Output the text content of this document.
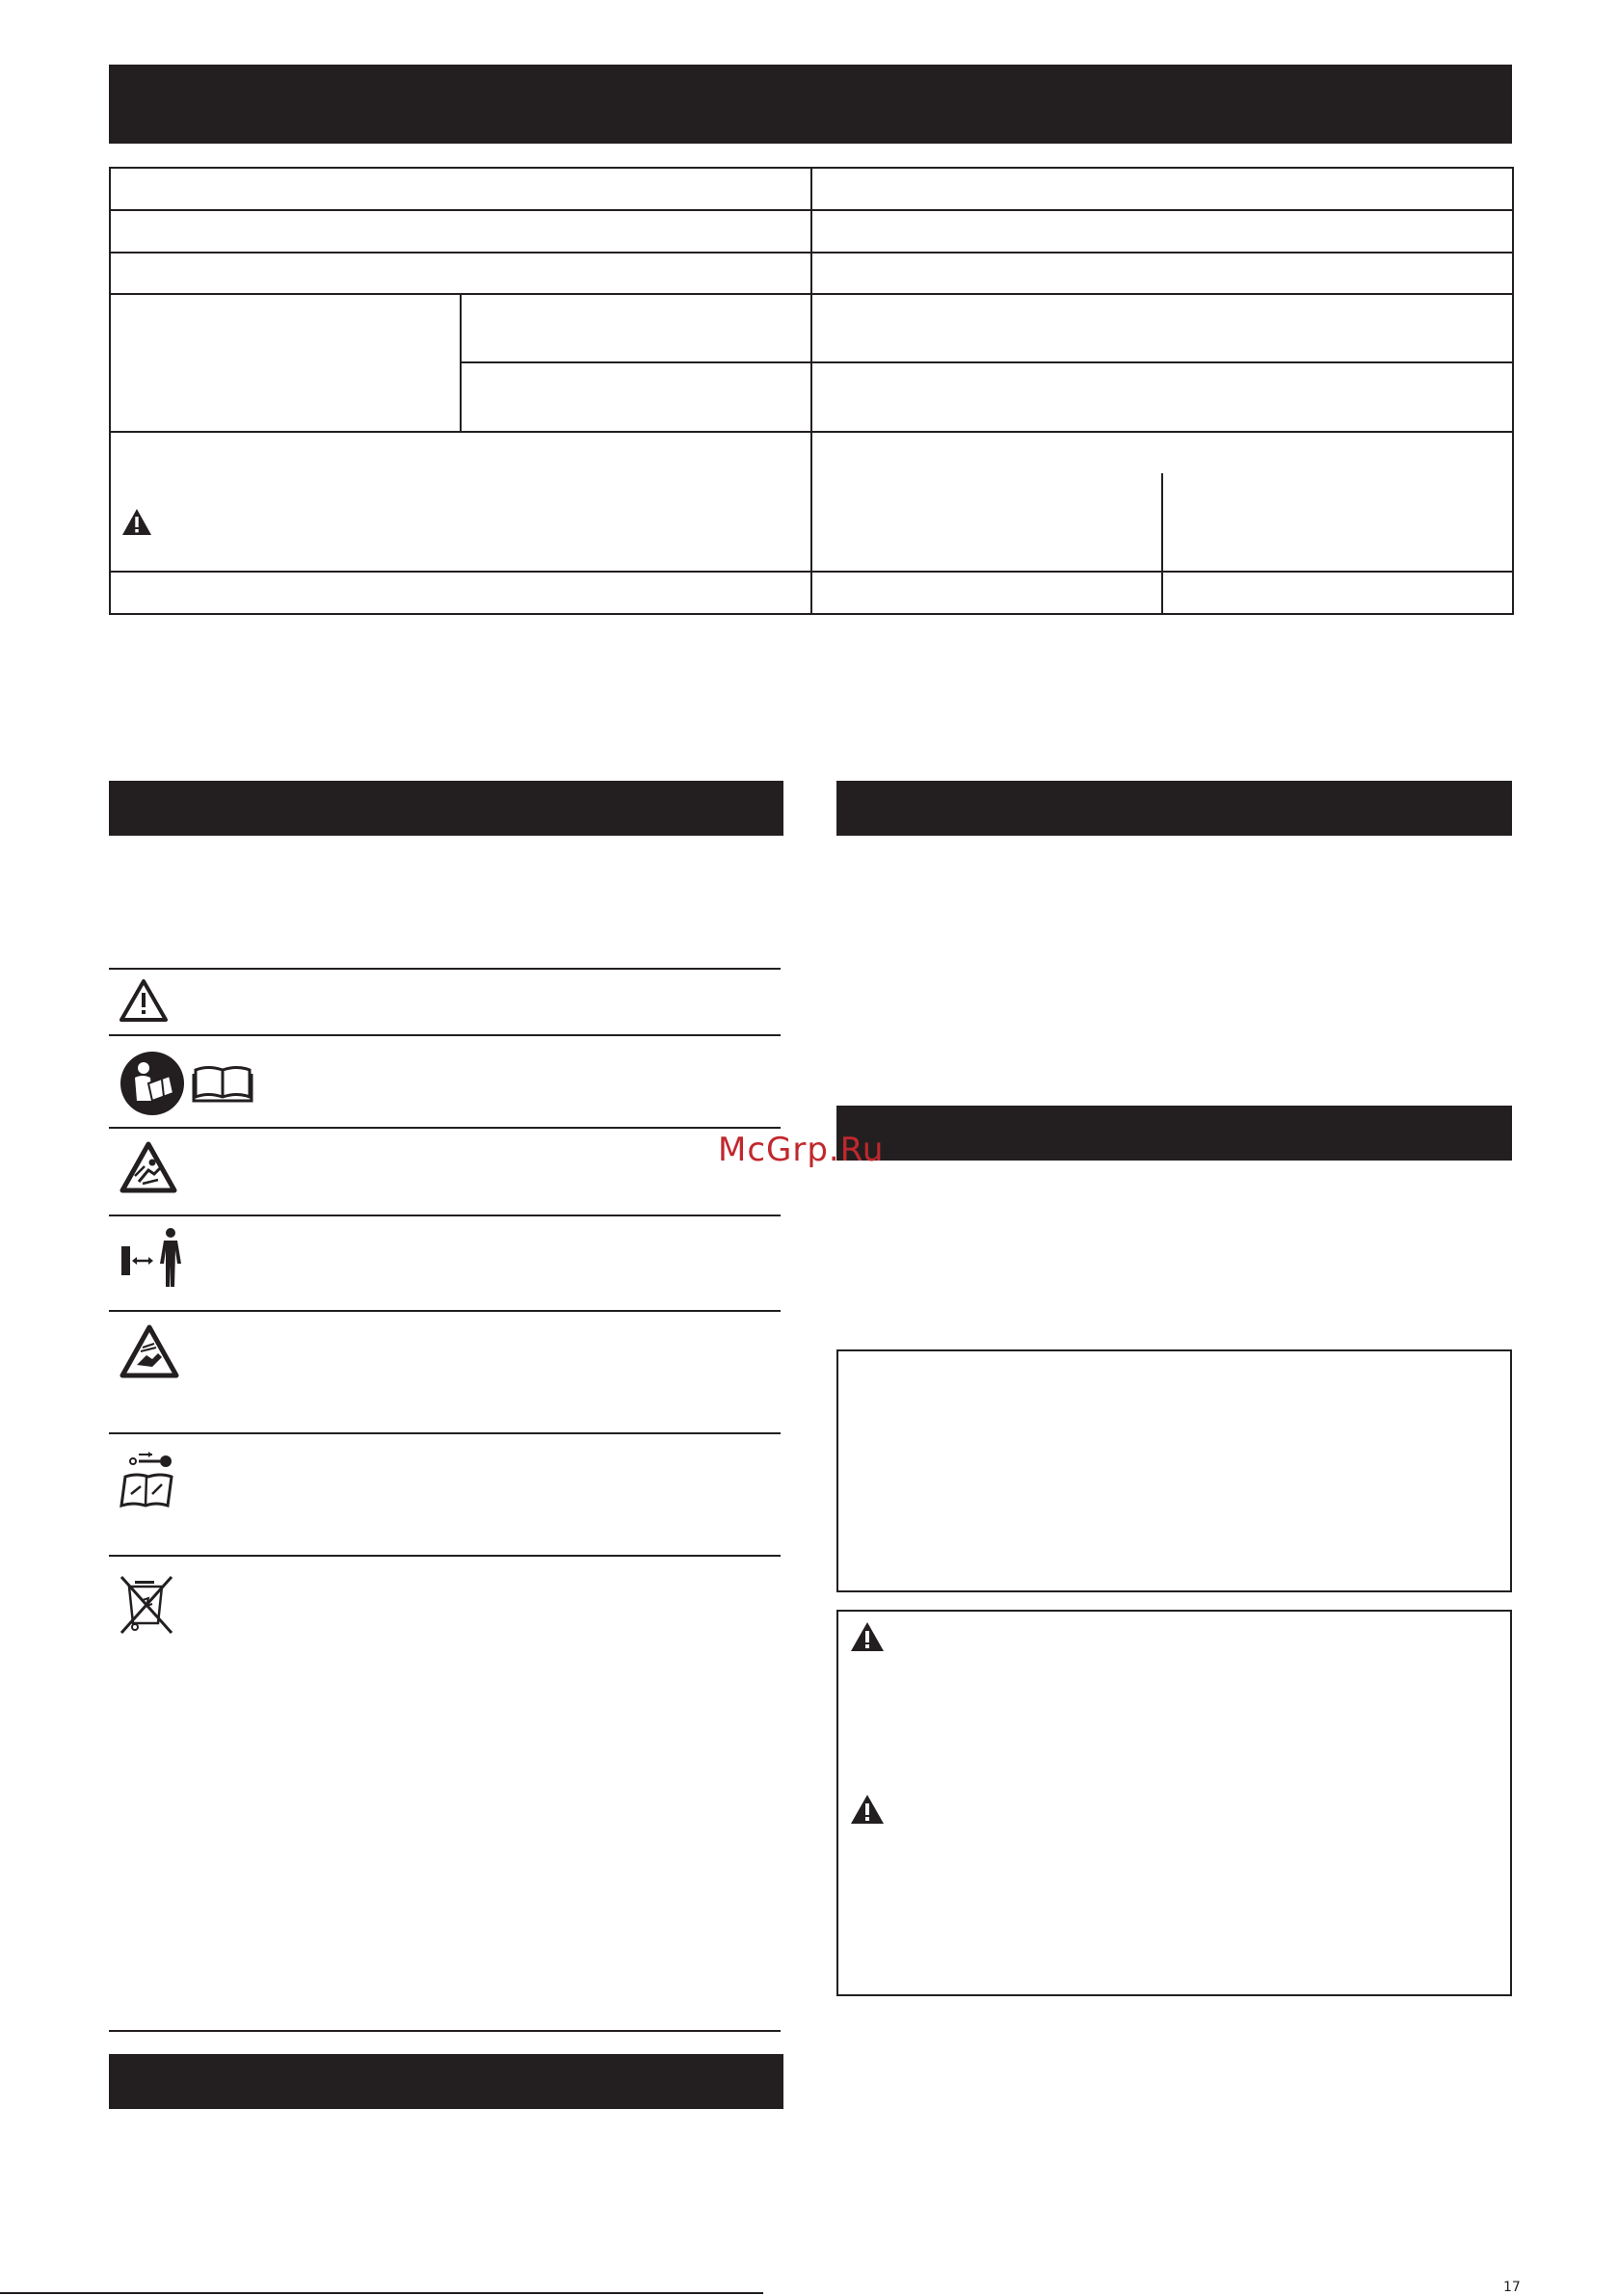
McGrp.Ru
17
